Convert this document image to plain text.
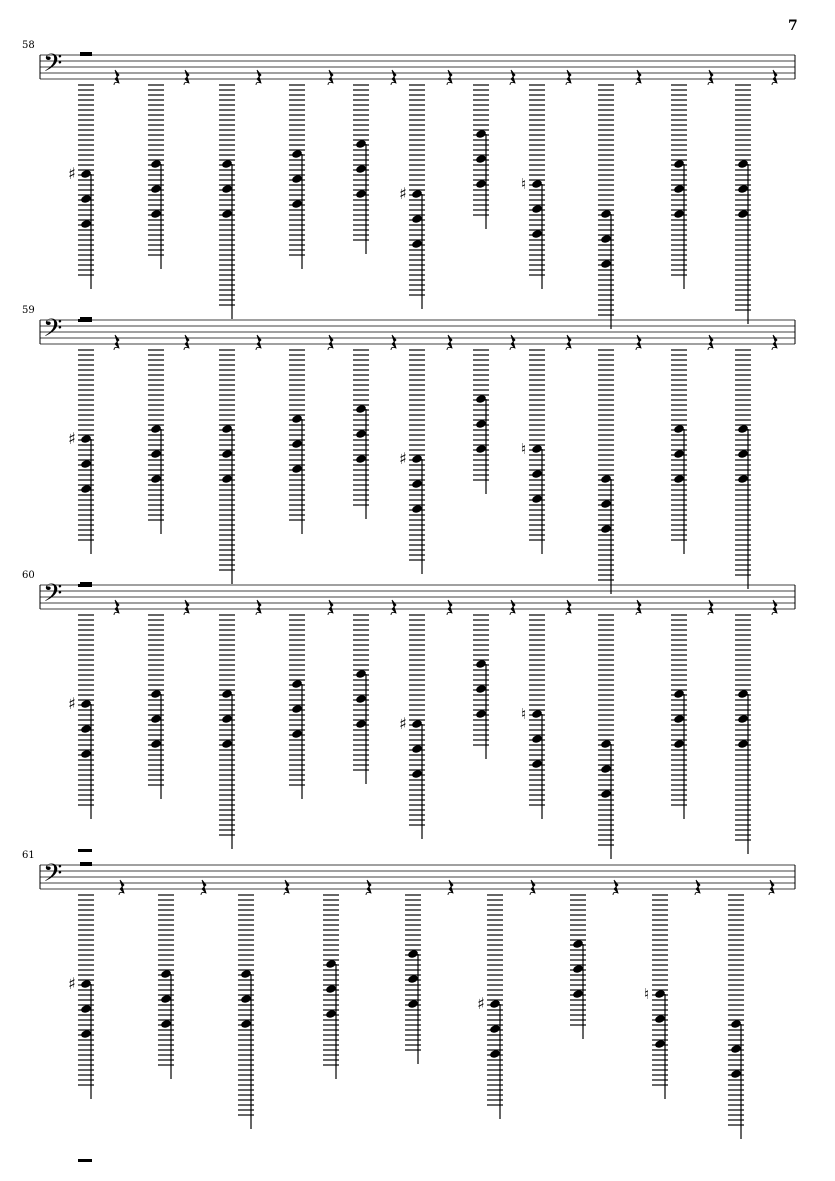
7
58
𝄢
♯
♯	♮
59
𝄢
♯
♯	♮
60
𝄢
♯
♯	♮
61
𝄢
♯
♯	♮
